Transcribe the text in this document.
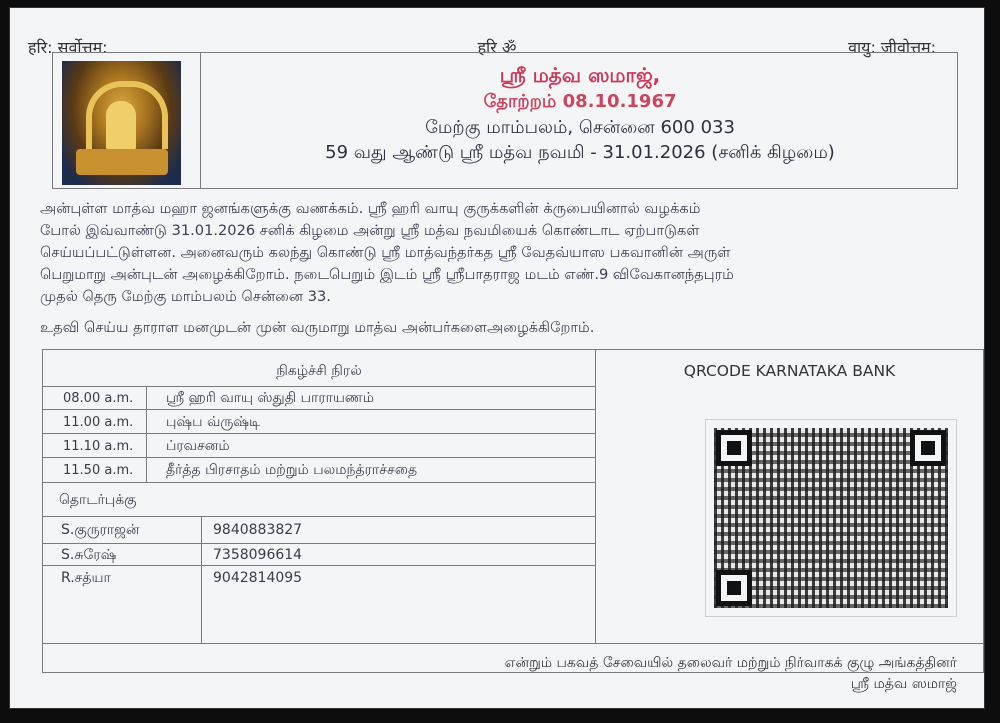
हरि: सर्वोत्तम:	हरि ॐ	वायु: जीवोत्तम:
ஸ்ரீ மத்வ ஸமாஜ்,
தோற்றம் 08.10.1967
மேற்கு மாம்பலம், சென்னை 600 033
59 வது ஆண்டு ஸ்ரீ மத்வ நவமி - 31.01.2026 (சனிக் கிழமை)
அன்புள்ள மாத்வ மஹா ஜனங்களுக்கு வணக்கம். ஸ்ரீ ஹரி வாயு குருக்களின் க்ருபையினால் வழக்கம்
போல் இவ்வாண்டு 31.01.2026 சனிக் கிழமை அன்று ஸ்ரீ மத்வ நவமியைக் கொண்டாட ஏற்பாடுகள்
செய்யப்பட்டுள்ளன. அனைவரும் கலந்து கொண்டு ஸ்ரீ மாத்வந்தர்கத ஸ்ரீ வேதவ்யாஸ பகவானின் அருள்
பெறுமாறு அன்புடன் அழைக்கிறோம். நடைபெறும் இடம் ஸ்ரீ ஸ்ரீபாதராஜ மடம் எண்.9 விவேகானந்தபுரம்
முதல் தெரு மேற்கு மாம்பலம் சென்னை 33.
உதவி செய்ய தாராள மனமுடன் முன் வருமாறு மாத்வ அன்பர்களைஅழைக்கிறோம்.
நிகழ்ச்சி நிரல்
08.00 a.m. ஸ்ரீ ஹரி வாயு ஸ்துதி பாராயணம்
11.00 a.m. புஷ்ப வ்ருஷ்டி
11.10 a.m. ப்ரவசனம்
11.50 a.m. தீர்த்த பிரசாதம் மற்றும் பலமந்த்ராச்சதை
தொடர்புக்கு
S.குருராஜன்	9840883827
S.சுரேஷ்	7358096614
R.சத்யா	9042814095
QRCODE KARNATAKA BANK
என்றும் பகவத் சேவையில் தலைவர் மற்றும் நிர்வாகக் குழு அங்கத்தினர்
ஸ்ரீ மத்வ ஸமாஜ்
